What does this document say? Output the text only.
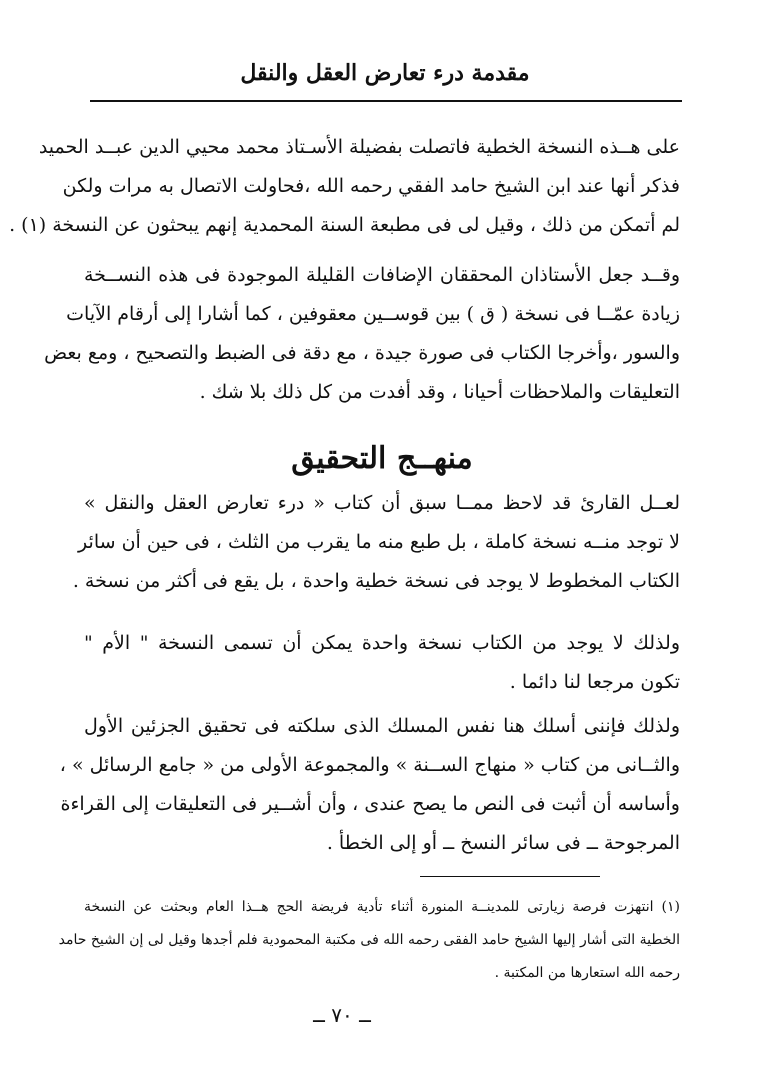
مقدمة درء تعارض العقل والنقل
على هــذه النسخة الخطية فاتصلت بفضيلة الأسـتاذ محمد محيي الدين عبــد الحميد
فذكر أنها عند ابن الشيخ حامد الفقي رحمه الله ،فحاولت الاتصال به مرات ولكن
لم أتمكن من ذلك ، وقيل لى فى مطبعة السنة المحمدية إنهم يبحثون عن النسخة (١) .
وقــد جعل الأستاذان المحققان الإضافات القليلة الموجودة فى هذه النســخة
زيادة عمّــا فى نسخة ( ق ) بين قوســين معقوفين ، كما أشارا إلى أرقام الآيات
والسور ،وأخرجا الكتاب فى صورة جيدة ، مع دقة فى الضبط والتصحيح ، ومع بعض
التعليقات والملاحظات أحيانا ، وقد أفدت من كل ذلك بلا شك .
منهــج التحقيق
لعــل القارئ قد لاحظ ممــا سبق أن كتاب « درء تعارض العقل والنقل »
لا توجد منــه نسخة كاملة ، بل طبع منه ما يقرب من الثلث ، فى حين أن سائر
الكتاب المخطوط لا يوجد فى نسخة خطية واحدة ، بل يقع فى أكثر من نسخة .
ولذلك لا يوجد من الكتاب نسخة واحدة يمكن أن تسمى النسخة " الأم "
تكون مرجعا لنا دائما .
ولذلك فإننى أسلك هنا نفس المسلك الذى سلكته فى تحقيق الجزئين الأول
والثــانى من كتاب « منهاج الســنة » والمجموعة الأولى من « جامع الرسائل » ،
وأساسه أن أثبت فى النص ما يصح عندى ، وأن أشــير فى التعليقات إلى القراءة
المرجوحة ــ فى سائر النسخ ــ أو إلى الخطأ .
(١) انتهزت فرصة زيارتى للمدينــة المنورة أثناء تأدية فريضة الحج هــذا العام وبحثت عن النسخة
الخطية التى أشار إليها الشيخ حامد الفقى رحمه الله فى مكتبة المحمودية فلم أجدها وقيل لى إن الشيخ حامد
رحمه الله استعارها من المكتبة .
ــ ٧٠ ــ
